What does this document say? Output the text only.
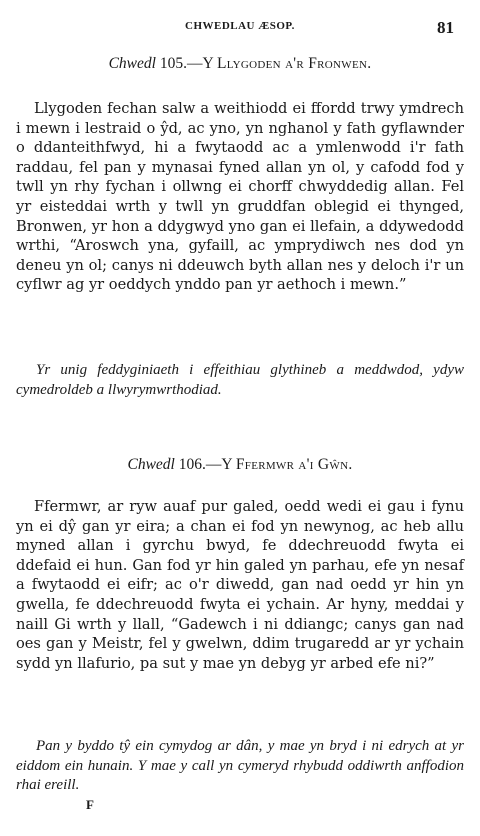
CHWEDLAU ÆSOP.	81
Chwedl 105.—Y Llygoden a'r Fronwen.

Llygoden fechan salw a weithiodd ei ffordd trwy ymdrech i mewn i lestraid o ŷd, ac yno, yn nghanol y fath gyflawnder o ddanteithfwyd, hi a fwytaodd ac a ymlenwodd i'r fath raddau, fel pan y mynasai fyned allan yn ol, y cafodd fod y twll yn rhy fychan i ollwng ei chorff chwyddedig allan. Fel yr eisteddai wrth y twll yn gruddfan oblegid ei thynged, Bronwen, yr hon a ddygwyd yno gan ei llefain, a ddywedodd wrthi, “Aroswch yna, gyfaill, ac ymprydiwch nes dod yn deneu yn ol; canys ni ddeuwch byth allan nes y deloch i'r un cyflwr ag yr oeddych ynddo pan yr aethoch i mewn.”

Yr unig feddyginiaeth i effeithiau glythineb a meddwdod, ydyw cymedroldeb a llwyrymwrthodiad.

Chwedl 106.—Y Ffermwr a'i Gŵn.

Ffermwr, ar ryw auaf pur galed, oedd wedi ei gau i fynu yn ei dŷ gan yr eira; a chan ei fod yn newynog, ac heb allu myned allan i gyrchu bwyd, fe ddechreuodd fwyta ei ddefaid ei hun. Gan fod yr hin galed yn parhau, efe yn nesaf a fwytaodd ei eifr; ac o'r diwedd, gan nad oedd yr hin yn gwella, fe ddechreuodd fwyta ei ychain. Ar hyny, meddai y naill Gi wrth y llall, “Gadewch i ni ddiangc; canys gan nad oes gan y Meistr, fel y gwelwn, ddim trugaredd ar yr ychain sydd yn llafurio, pa sut y mae yn debyg yr arbed efe ni?”

Pan y byddo tŷ ein cymydog ar dân, y mae yn bryd i ni edrych at yr eiddom ein hunain. Y mae y call yn cymeryd rhybudd oddiwrth anffodion rhai ereill.

F
